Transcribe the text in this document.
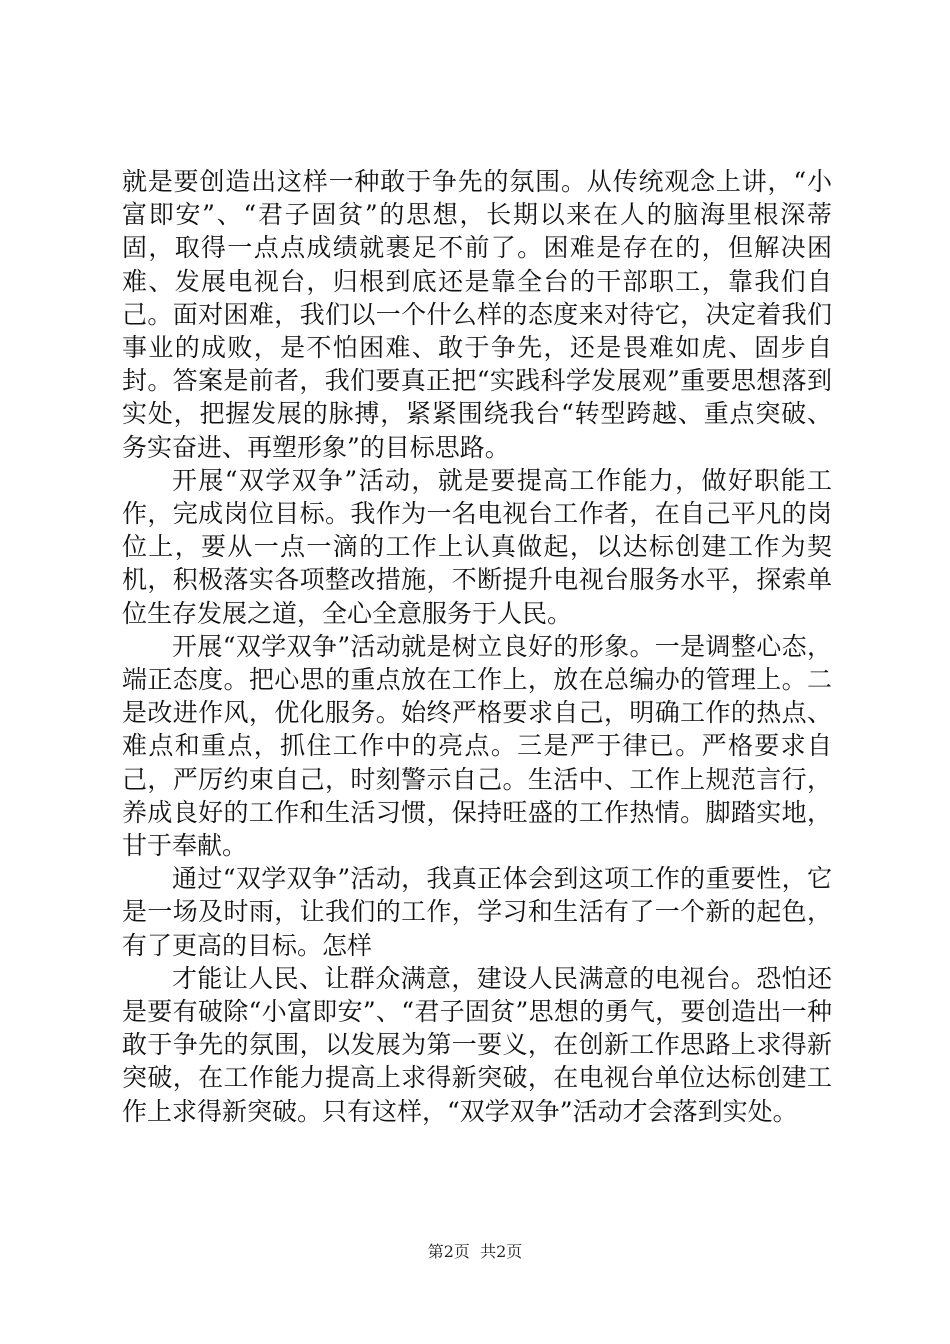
就是要创造出这样一种敢于争先的氛围。从传统观念上讲，“小富即安”、“君子固贫”的思想，长期以来在人的脑海里根深蒂固，取得一点点成绩就裹足不前了。困难是存在的，但解决困难、发展电视台，归根到底还是靠全台的干部职工，靠我们自己。面对困难，我们以一个什么样的态度来对待它，决定着我们事业的成败，是不怕困难、敢于争先，还是畏难如虎、固步自封。答案是前者，我们要真正把“实践科学发展观”重要思想落到实处，把握发展的脉搏，紧紧围绕我台“转型跨越、重点突破、务实奋进、再塑形象”的目标思路。

开展“双学双争”活动，就是要提高工作能力，做好职能工作，完成岗位目标。我作为一名电视台工作者，在自己平凡的岗位上，要从一点一滴的工作上认真做起，以达标创建工作为契机，积极落实各项整改措施，不断提升电视台服务水平，探索单位生存发展之道，全心全意服务于人民。

开展“双学双争”活动就是树立良好的形象。一是调整心态，端正态度。把心思的重点放在工作上，放在总编办的管理上。二是改进作风，优化服务。始终严格要求自己，明确工作的热点、难点和重点，抓住工作中的亮点。三是严于律已。严格要求自己，严厉约束自己，时刻警示自己。生活中、工作上规范言行，养成良好的工作和生活习惯，保持旺盛的工作热情。脚踏实地，甘于奉献。

通过“双学双争”活动，我真正体会到这项工作的重要性，它是一场及时雨，让我们的工作，学习和生活有了一个新的起色，有了更高的目标。怎样

才能让人民、让群众满意，建设人民满意的电视台。恐怕还是要有破除“小富即安”、“君子固贫”思想的勇气，要创造出一种敢于争先的氛围，以发展为第一要义，在创新工作思路上求得新突破，在工作能力提高上求得新突破，在电视台单位达标创建工作上求得新突破。只有这样，“双学双争”活动才会落到实处。

第2页 共2页
